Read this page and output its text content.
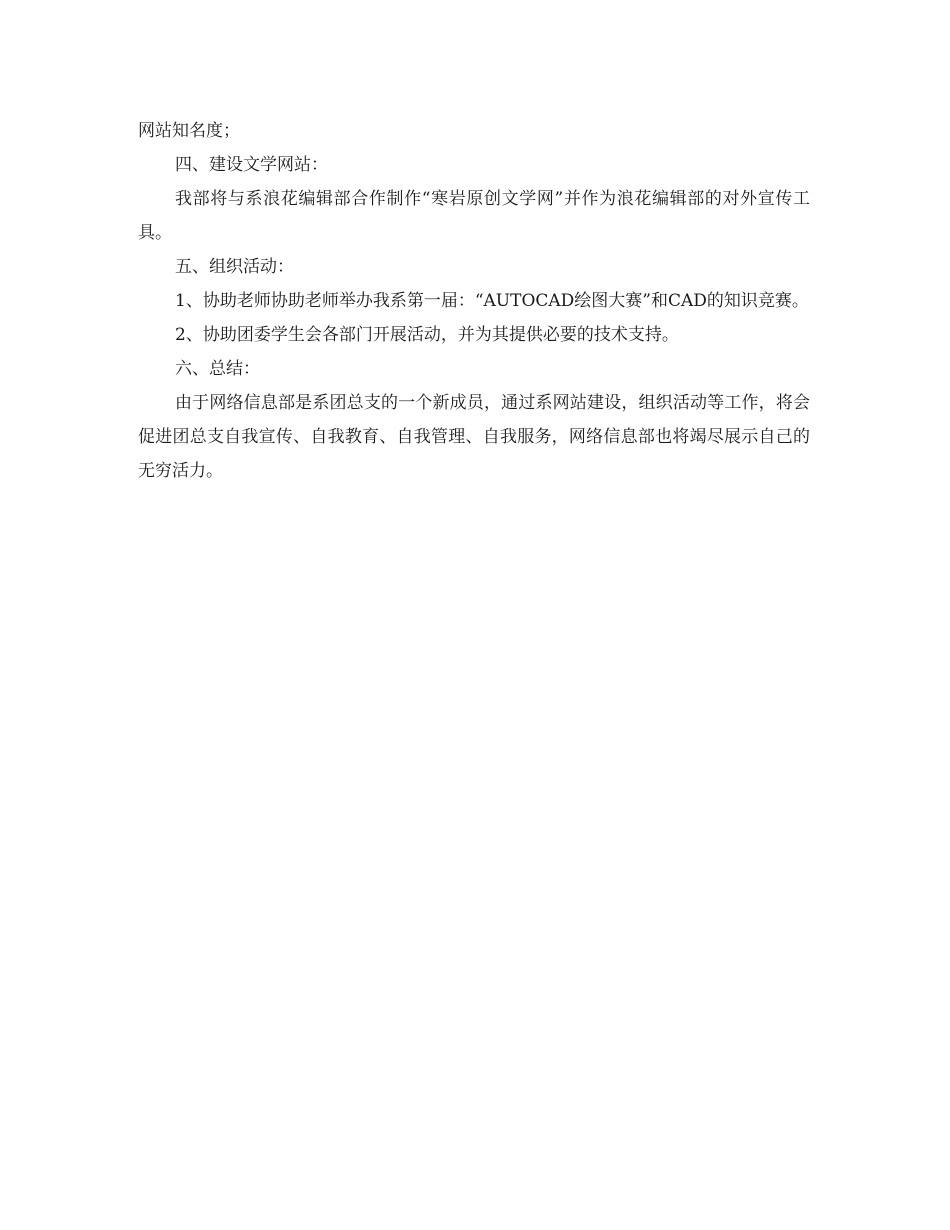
网站知名度；

四、建设文学网站：

我部将与系浪花编辑部合作制作“寒岩原创文学网”并作为浪花编辑部的对外宣传工具。

五、组织活动：

1、协助老师协助老师举办我系第一届：“AUTOCAD绘图大赛”和CAD的知识竞赛。

2、协助团委学生会各部门开展活动，并为其提供必要的技术支持。

六、总结：

由于网络信息部是系团总支的一个新成员，通过系网站建设，组织活动等工作，将会促进团总支自我宣传、自我教育、自我管理、自我服务，网络信息部也将竭尽展示自己的无穷活力。
